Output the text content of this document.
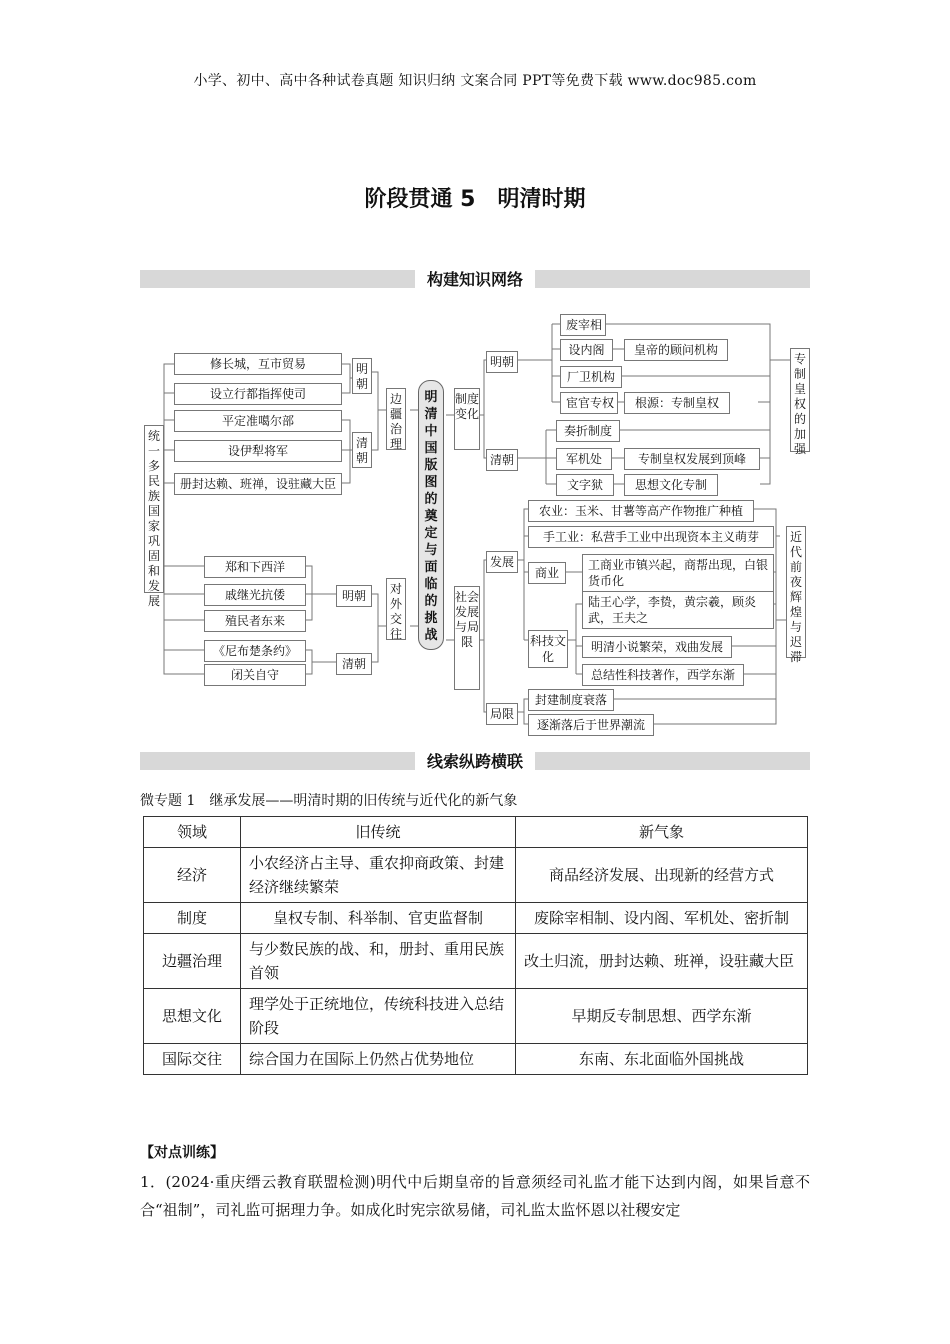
小学、初中、高中各种试卷真题 知识归纳 文案合同 PPT等免费下载 www.doc985.com
阶段贯通 5　明清时期
构建知识网络
统一多民族国家巩固和发展
修长城，互市贸易
设立行都指挥使司
平定准噶尔部
设伊犁将军
册封达赖、班禅，设驻藏大臣
明朝
清朝
边疆治理
郑和下西洋
戚继光抗倭
殖民者东来
《尼布楚条约》
闭关自守
明朝
清朝
对外交往
明清中国版图的奠定与面临的挑战
制度变化
明朝
清朝
废宰相
设内阁
厂卫机构
宦官专权
皇帝的顾问机构
根源：专制皇权
奏折制度
军机处
文字狱
专制皇权发展到顶峰
思想文化专制
专制皇权的加强
社会发展与局限
发展
局限
农业：玉米、甘薯等高产作物推广种植
手工业：私营手工业中出现资本主义萌芽
商业
工商业市镇兴起，商帮出现，白银货币化
科技文化
陆王心学，李贽，黄宗羲，顾炎武，王夫之
明清小说繁荣，戏曲发展
总结性科技著作，西学东渐
封建制度衰落
逐渐落后于世界潮流
近代前夜辉煌与迟滞
线索纵跨横联
微专题 1　继承发展——明清时期的旧传统与近代化的新气象
领域	旧传统	新气象
经济	小农经济占主导、重农抑商政策、封建经济继续繁荣	商品经济发展、出现新的经营方式
制度	皇权专制、科举制、官吏监督制	废除宰相制、设内阁、军机处、密折制
边疆治理	与少数民族的战、和，册封、重用民族首领	改土归流，册封达赖、班禅，设驻藏大臣
思想文化	理学处于正统地位，传统科技进入总结阶段	早期反专制思想、西学东渐
国际交往	综合国力在国际上仍然占优势地位	东南、东北面临外国挑战
【对点训练】
1．(2024·重庆缙云教育联盟检测)明代中后期皇帝的旨意须经司礼监才能下达到内阁，如果旨意不合“祖制”，司礼监可据理力争。如成化时宪宗欲易储，司礼监太监怀恩以社稷安定
